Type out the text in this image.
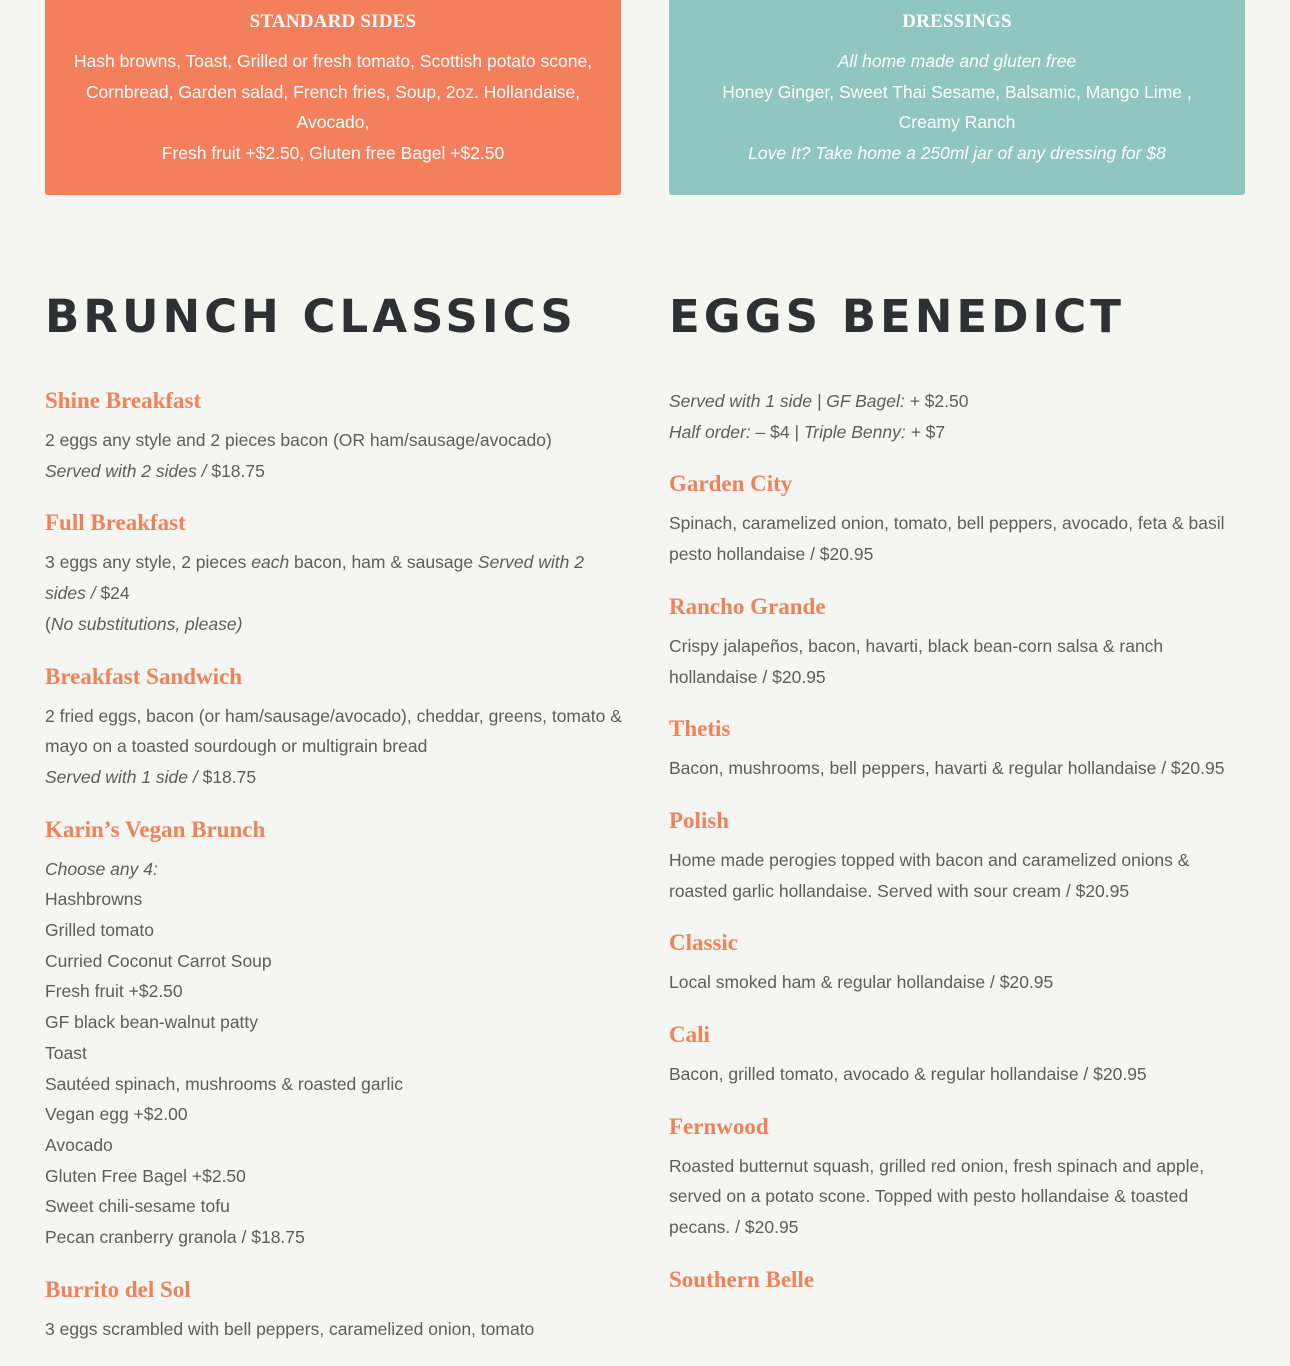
STANDARD SIDES

Hash browns, Toast, Grilled or fresh tomato, Scottish potato scone, Cornbread, Garden salad, French fries, Soup, 2oz. Hollandaise, Avocado,

Fresh fruit +$2.50, Gluten free Bagel +$2.50

DRESSINGS

All home made and gluten free

Honey Ginger, Sweet Thai Sesame, Balsamic, Mango Lime , Creamy Ranch

Love It? Take home a 250ml jar of any dressing for $8

BRUNCH CLASSICS
Shine Breakfast

2 eggs any style and 2 pieces bacon (OR ham/sausage/avocado)
Served with 2 sides / $18.75

Full Breakfast

3 eggs any style, 2 pieces each bacon, ham & sausage Served with 2 sides / $24
(No substitutions, please)

Breakfast Sandwich

2 fried eggs, bacon (or ham/sausage/avocado), cheddar, greens, tomato & mayo on a toasted sourdough or multigrain bread
Served with 1 side / $18.75

Karin’s Vegan Brunch

Choose any 4:
Hashbrowns
Grilled tomato
Curried Coconut Carrot Soup
Fresh fruit +$2.50
GF black bean-walnut patty
Toast
Sautéed spinach, mushrooms & roasted garlic
Vegan egg +$2.00
Avocado
Gluten Free Bagel +$2.50
Sweet chili-sesame tofu
Pecan cranberry granola / $18.75

Burrito del Sol

3 eggs scrambled with bell peppers, caramelized onion, tomato

EGGS BENEDICT

Served with 1 side | GF Bagel: + $2.50
Half order: – $4 | Triple Benny: + $7

Garden City

Spinach, caramelized onion, tomato, bell peppers, avocado, feta & basil pesto hollandaise / $20.95

Rancho Grande

Crispy jalapeños, bacon, havarti, black bean-corn salsa & ranch hollandaise / $20.95

Thetis

Bacon, mushrooms, bell peppers, havarti & regular hollandaise / $20.95

Polish

Home made perogies topped with bacon and caramelized onions & roasted garlic hollandaise. Served with sour cream / $20.95

Classic

Local smoked ham & regular hollandaise / $20.95

Cali

Bacon, grilled tomato, avocado & regular hollandaise / $20.95

Fernwood

Roasted butternut squash, grilled red onion, fresh spinach and apple, served on a potato scone. Topped with pesto hollandaise & toasted pecans. / $20.95

Southern Belle
